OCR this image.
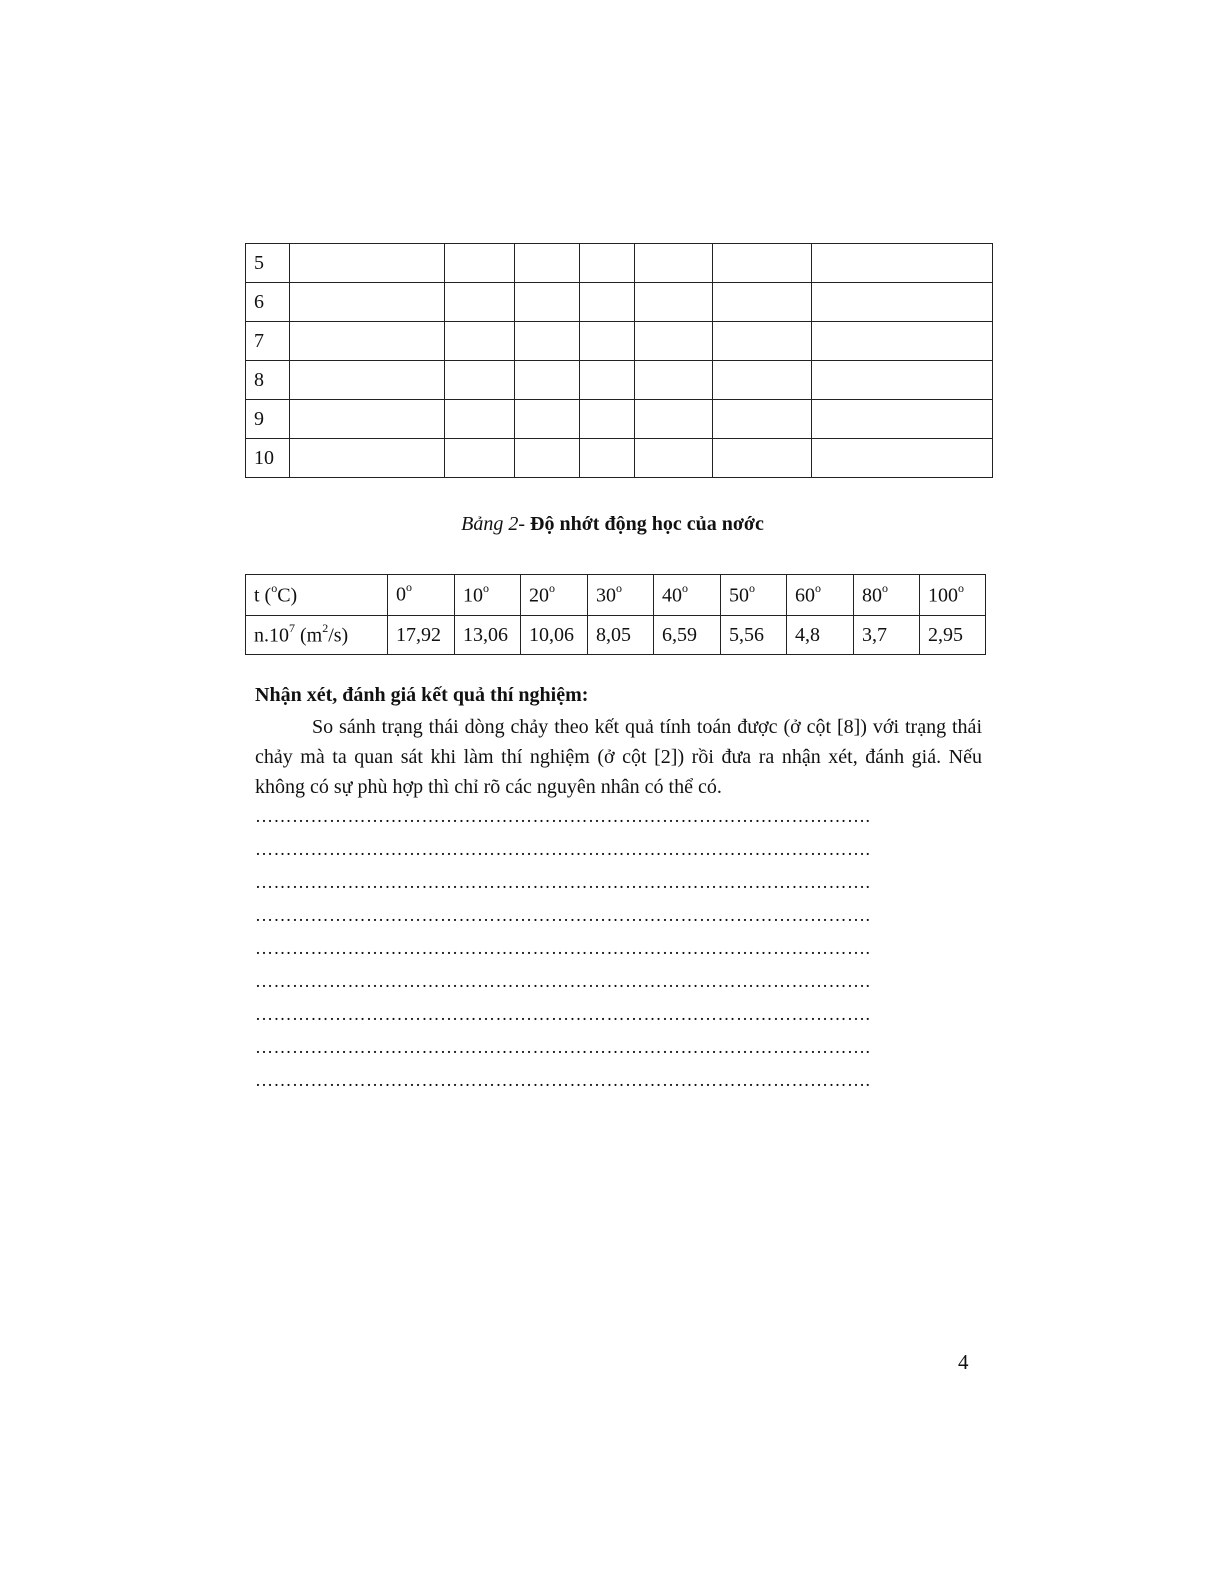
5							
6							
7							
8							
9							
10							
Bảng 2- Độ nhớt động học của nơớc
t ($^o$C)	0$^o$	10$^o$	20$^o$	30$^o$	40$^o$	50$^o$	60$^o$	80$^o$	100$^o$
$n.10^7$ $(m^2/s)$	17,92	13,06	10,06	8,05	6,59	5,56	4,8	3,7	2,95
Nhận xét, đánh giá kết quả thí nghiệm:
So sánh trạng thái dòng chảy theo kết quả tính toán được (ở cột [8]) với trạng thái chảy mà ta quan sát khi làm thí nghiệm (ở cột [2]) rồi đưa ra nhận xét, đánh giá. Nếu không có sự phù hợp thì chỉ rõ các nguyên nhân có thể có.
……………………………………………………………………………………….
……………………………………………………………………………………….
……………………………………………………………………………………….
……………………………………………………………………………………….
……………………………………………………………………………………….
……………………………………………………………………………………….
……………………………………………………………………………………….
……………………………………………………………………………………….
……………………………………………………………………………………….
4
